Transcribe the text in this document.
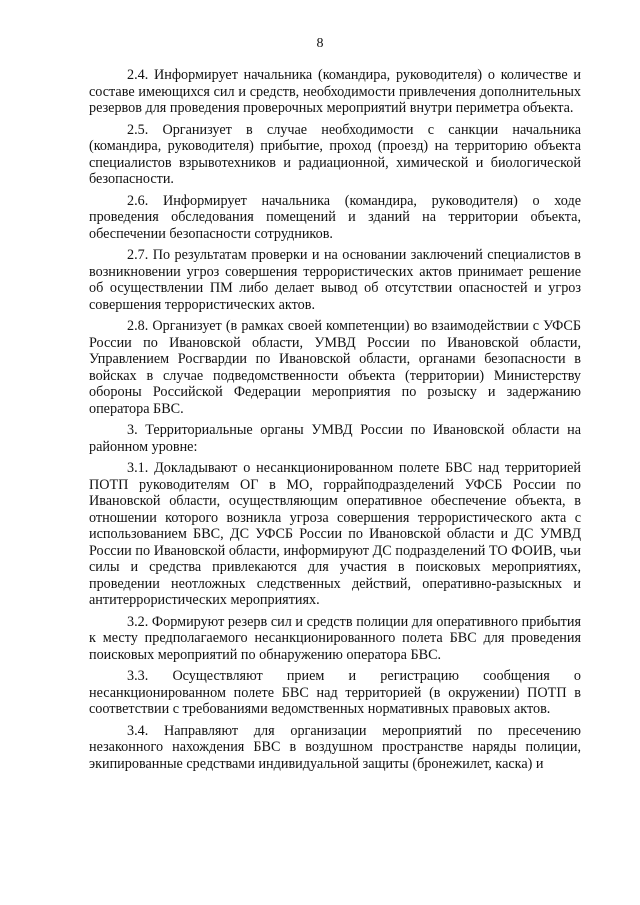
8

2.4. Информирует начальника (командира, руководителя) о количестве и составе имеющихся сил и средств, необходимости привлечения дополнительных резервов для проведения проверочных мероприятий внутри периметра объекта.

2.5. Организует в случае необходимости с санкции начальника (командира, руководителя) прибытие, проход (проезд) на территорию объекта специалистов взрывотехников и радиационной, химической и биологической безопасности.

2.6. Информирует начальника (командира, руководителя) о ходе проведения обследования помещений и зданий на территории объекта, обеспечении безопасности сотрудников.

2.7. По результатам проверки и на основании заключений специалистов в возникновении угроз совершения террористических актов принимает решение об осуществлении ПМ либо делает вывод об отсутствии опасностей и угроз совершения террористических актов.

2.8. Организует (в рамках своей компетенции) во взаимодействии с УФСБ России по Ивановской области, УМВД России по Ивановской области, Управлением Росгвардии по Ивановской области, органами безопасности в войсках в случае подведомственности объекта (территории) Министерству обороны Российской Федерации мероприятия по розыску и задержанию оператора БВС.

3. Территориальные органы УМВД России по Ивановской области на районном уровне:

3.1. Докладывают о несанкционированном полете БВС над территорией ПОТП руководителям ОГ в МО, горрайподразделений УФСБ России по Ивановской области, осуществляющим оперативное обеспечение объекта, в отношении которого возникла угроза совершения террористического акта с использованием БВС, ДС УФСБ России по Ивановской области и ДС УМВД России по Ивановской области, информируют ДС подразделений ТО ФОИВ, чьи силы и средства привлекаются для участия в поисковых мероприятиях, проведении неотложных следственных действий, оперативно-разыскных и антитеррористических мероприятиях.

3.2. Формируют резерв сил и средств полиции для оперативного прибытия к месту предполагаемого несанкционированного полета БВС для проведения поисковых мероприятий по обнаружению оператора БВС.

3.3. Осуществляют прием и регистрацию сообщения о несанкционированном полете БВС над территорией (в окружении) ПОТП в соответствии с требованиями ведомственных нормативных правовых актов.

3.4. Направляют для организации мероприятий по пресечению незаконного нахождения БВС в воздушном пространстве наряды полиции, экипированные средствами индивидуальной защиты (бронежилет, каска) и
